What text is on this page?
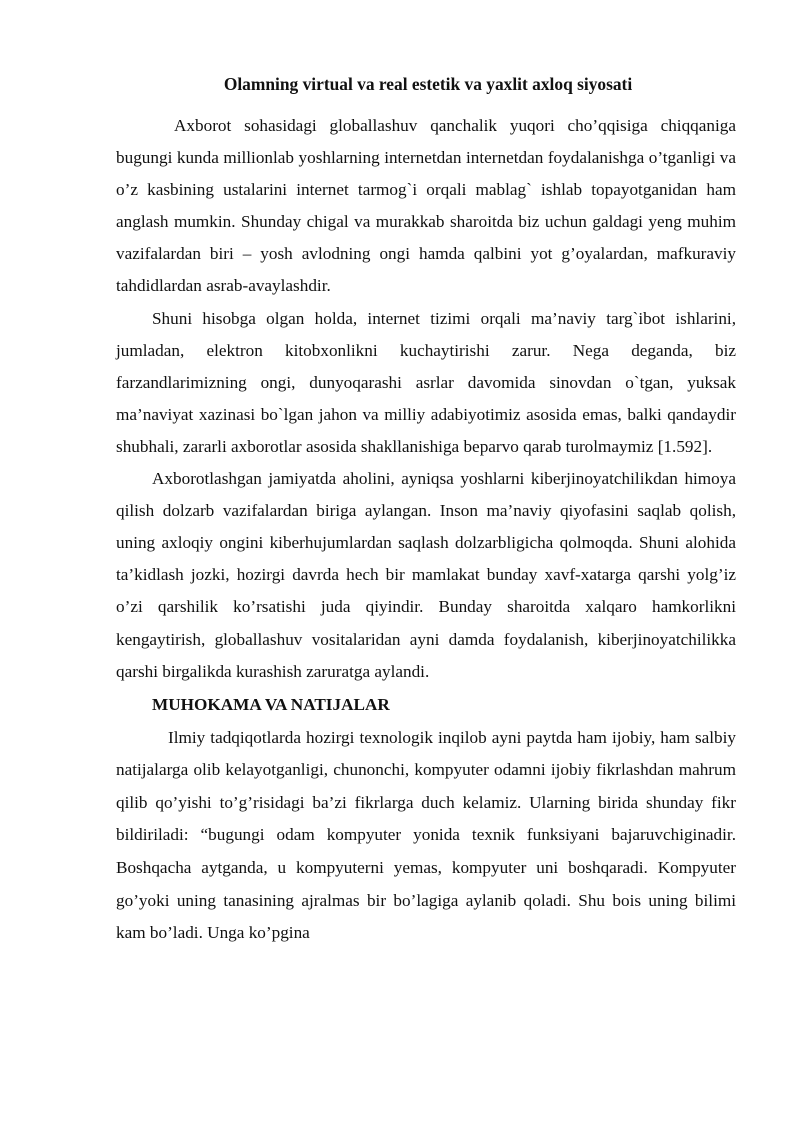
Olamning virtual va real estetik va yaxlit axloq siyosati

Axborot sohasidagi globallashuv qanchalik yuqori cho’qqisiga chiqqaniga bugungi kunda millionlab yoshlarning internetdan internetdan foydalanishga o’tganligi va o’z kasbining ustalarini internet tarmog`i orqali mablag` ishlab topayotganidan ham anglash mumkin. Shunday chigal va murakkab sharoitda biz uchun galdagi yeng muhim vazifalardan biri – yosh avlodning ongi hamda qalbini yot g’oyalardan, mafkuraviy tahdidlardan asrab-avaylashdir.

Shuni hisobga olgan holda, internet tizimi orqali ma’naviy targ`ibot ishlarini, jumladan, elektron kitobxonlikni kuchaytirishi zarur. Nega deganda, biz farzandlarimizning ongi, dunyoqarashi asrlar davomida sinovdan o`tgan, yuksak ma’naviyat xazinasi bo`lgan jahon va milliy adabiyotimiz asosida emas, balki qandaydir shubhali, zararli axborotlar asosida shakllanishiga beparvo qarab turolmaymiz [1.592].

Axborotlashgan jamiyatda aholini, ayniqsa yoshlarni kiberjinoyatchilikdan himoya qilish dolzarb vazifalardan biriga aylangan. Inson ma’naviy qiyofasini saqlab qolish, uning axloqiy ongini kiberhujumlardan saqlash dolzarbligicha qolmoqda. Shuni alohida ta’kidlash jozki, hozirgi davrda hech bir mamlakat bunday xavf-xatarga qarshi yolg’iz o’zi qarshilik ko’rsatishi juda qiyindir. Bunday sharoitda xalqaro hamkorlikni kengaytirish, globallashuv vositalaridan ayni damda foydalanish, kiberjinoyatchilikka qarshi birgalikda kurashish zaruratga aylandi.

MUHOKAMA VA NATIJALAR

Ilmiy tadqiqotlarda hozirgi texnologik inqilob ayni paytda ham ijobiy, ham salbiy natijalarga olib kelayotganligi, chunonchi, kompyuter odamni ijobiy fikrlashdan mahrum qilib qo’yishi to’g’risidagi ba’zi fikrlarga duch kelamiz. Ularning birida shunday fikr bildiriladi: “bugungi odam kompyuter yonida texnik funksiyani bajaruvchiginadir. Boshqacha aytganda, u kompyuterni yemas, kompyuter uni boshqaradi. Kompyuter go’yoki uning tanasining ajralmas bir bo’lagiga aylanib qoladi. Shu bois uning bilimi kam bo’ladi. Unga ko’pgina
